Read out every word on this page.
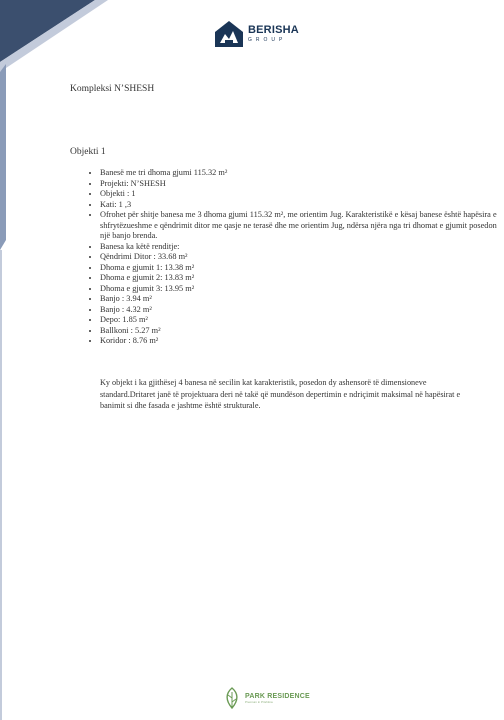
BERISHA
GROUP
Kompleksi N’SHESH
Objekti 1
• Banesë me tri dhoma gjumi 115.32 m²
• Projekti: N’SHESH
• Objekti : 1
• Kati: 1 ,3
• Ofrohet për shitje banesa me 3 dhoma gjumi 115.32 m², me orientim Jug. Karakteristikë e kësaj banese është hapësira e shfrytëzueshme e qëndrimit ditor me qasje ne terasë dhe me orientim Jug, ndërsa njëra nga tri dhomat e gjumit posedon një banjo brenda.
• Banesa ka këtë renditje:
• Qëndrimi Ditor : 33.68 m²
• Dhoma e gjumit 1: 13.38 m²
• Dhoma e gjumit 2: 13.83 m²
• Dhoma e gjumit 3: 13.95 m²
• Banjo : 3.94 m²
• Banjo : 4.32 m²
• Depo: 1.85 m²
• Ballkoni : 5.27 m²
• Koridor : 8.76 m²

Ky objekt i ka gjithësej 4 banesa në secilin kat karakteristik, posedon dy ashensorë të dimensioneve standard.Dritaret janë të projektuara deri në takë që mundëson depertimin e ndriçimit maksimal në hapësirat e banimit si dhe fasada e jashtme është strukturale.

PARK RESIDENCE
Premium in Prishtina
